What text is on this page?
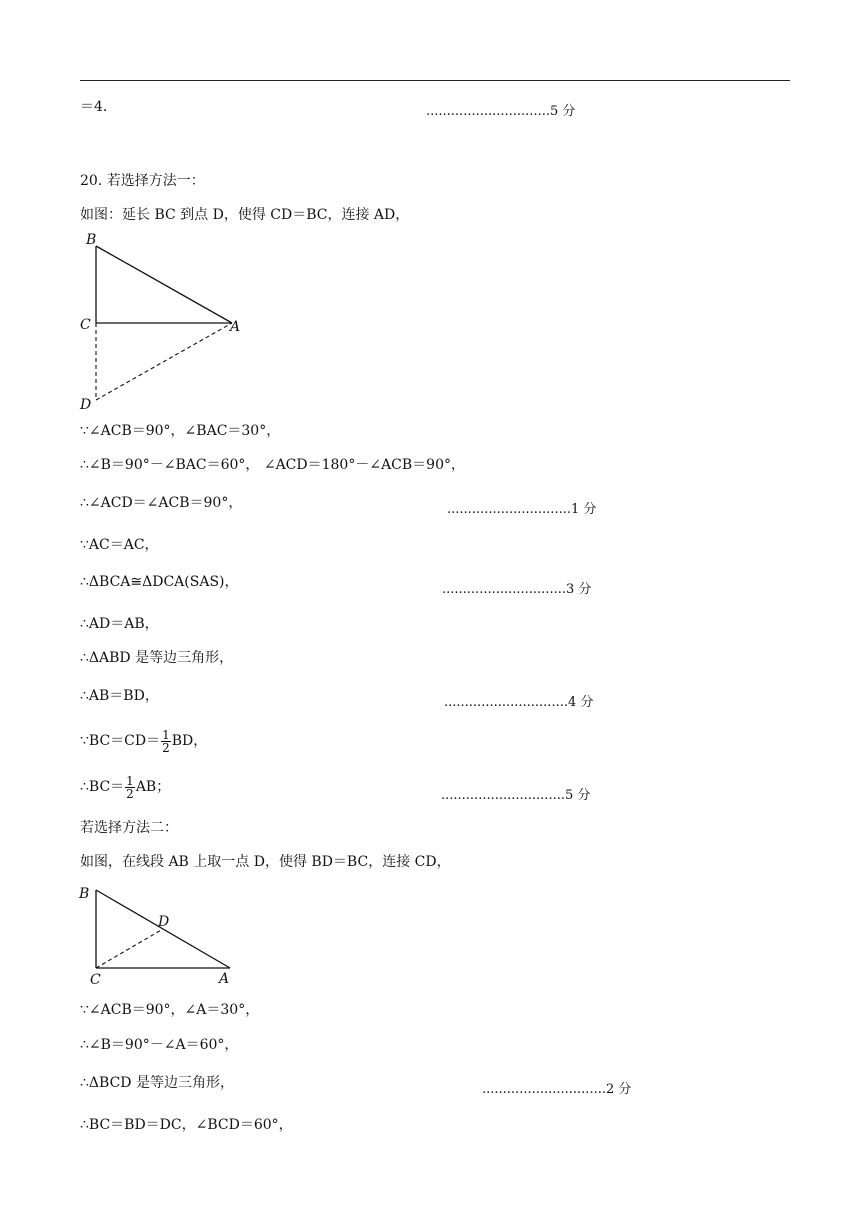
＝4．	..............................5 分
20. 若选择方法一：
如图：延长 BC 到点 D，使得 CD＝BC，连接 AD，
B
C	A
D
∵∠ACB＝90°，∠BAC＝30°，
∴∠B＝90°－∠BAC＝60°， ∠ACD＝180°－∠ACB＝90°，
∴∠ACD＝∠ACB＝90°，	..............................1 分
∵AC＝AC，
∴ΔBCA≅ΔDCA(SAS)，	..............................3 分
∴AD＝AB，
∴ΔABD 是等边三角形，
∴AB＝BD，	..............................4 分
∵BC＝CD＝ $\frac{1}{2}$ BD，
∴BC＝ $\frac{1}{2}$ AB；
..............................5 分
若选择方法二：
如图，在线段 AB 上取一点 D，使得 BD＝BC，连接 CD，
B
D
C	A
∵∠ACB＝90°，∠A＝30°，
∴∠B＝90°－∠A＝60°，
∴ΔBCD 是等边三角形，	..............................2 分
∴BC＝BD＝DC，∠BCD＝60°，
